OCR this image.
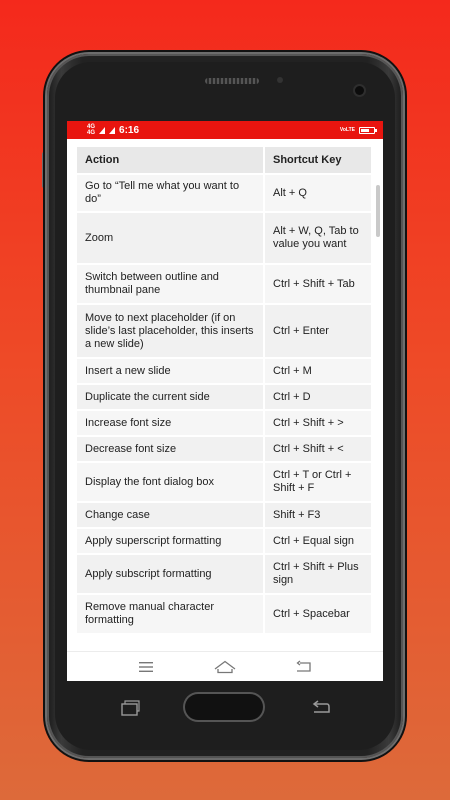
4G
4G 6:16	VoLTE
Action	Shortcut Key
Go to “Tell me what you want to do”	Alt + Q
Zoom	Alt + W, Q, Tab to value you want
Switch between outline and thumbnail pane	Ctrl + Shift + Tab
Move to next placeholder (if on slide’s last placeholder, this inserts a new slide)	Ctrl + Enter
Insert a new slide	Ctrl + M
Duplicate the current side	Ctrl + D
Increase font size	Ctrl + Shift + >
Decrease font size	Ctrl + Shift + <
Display the font dialog box	Ctrl + T or Ctrl + Shift + F
Change case	Shift + F3
Apply superscript formatting	Ctrl + Equal sign
Apply subscript formatting	Ctrl + Shift + Plus sign
Remove manual character formatting	Ctrl + Spacebar
